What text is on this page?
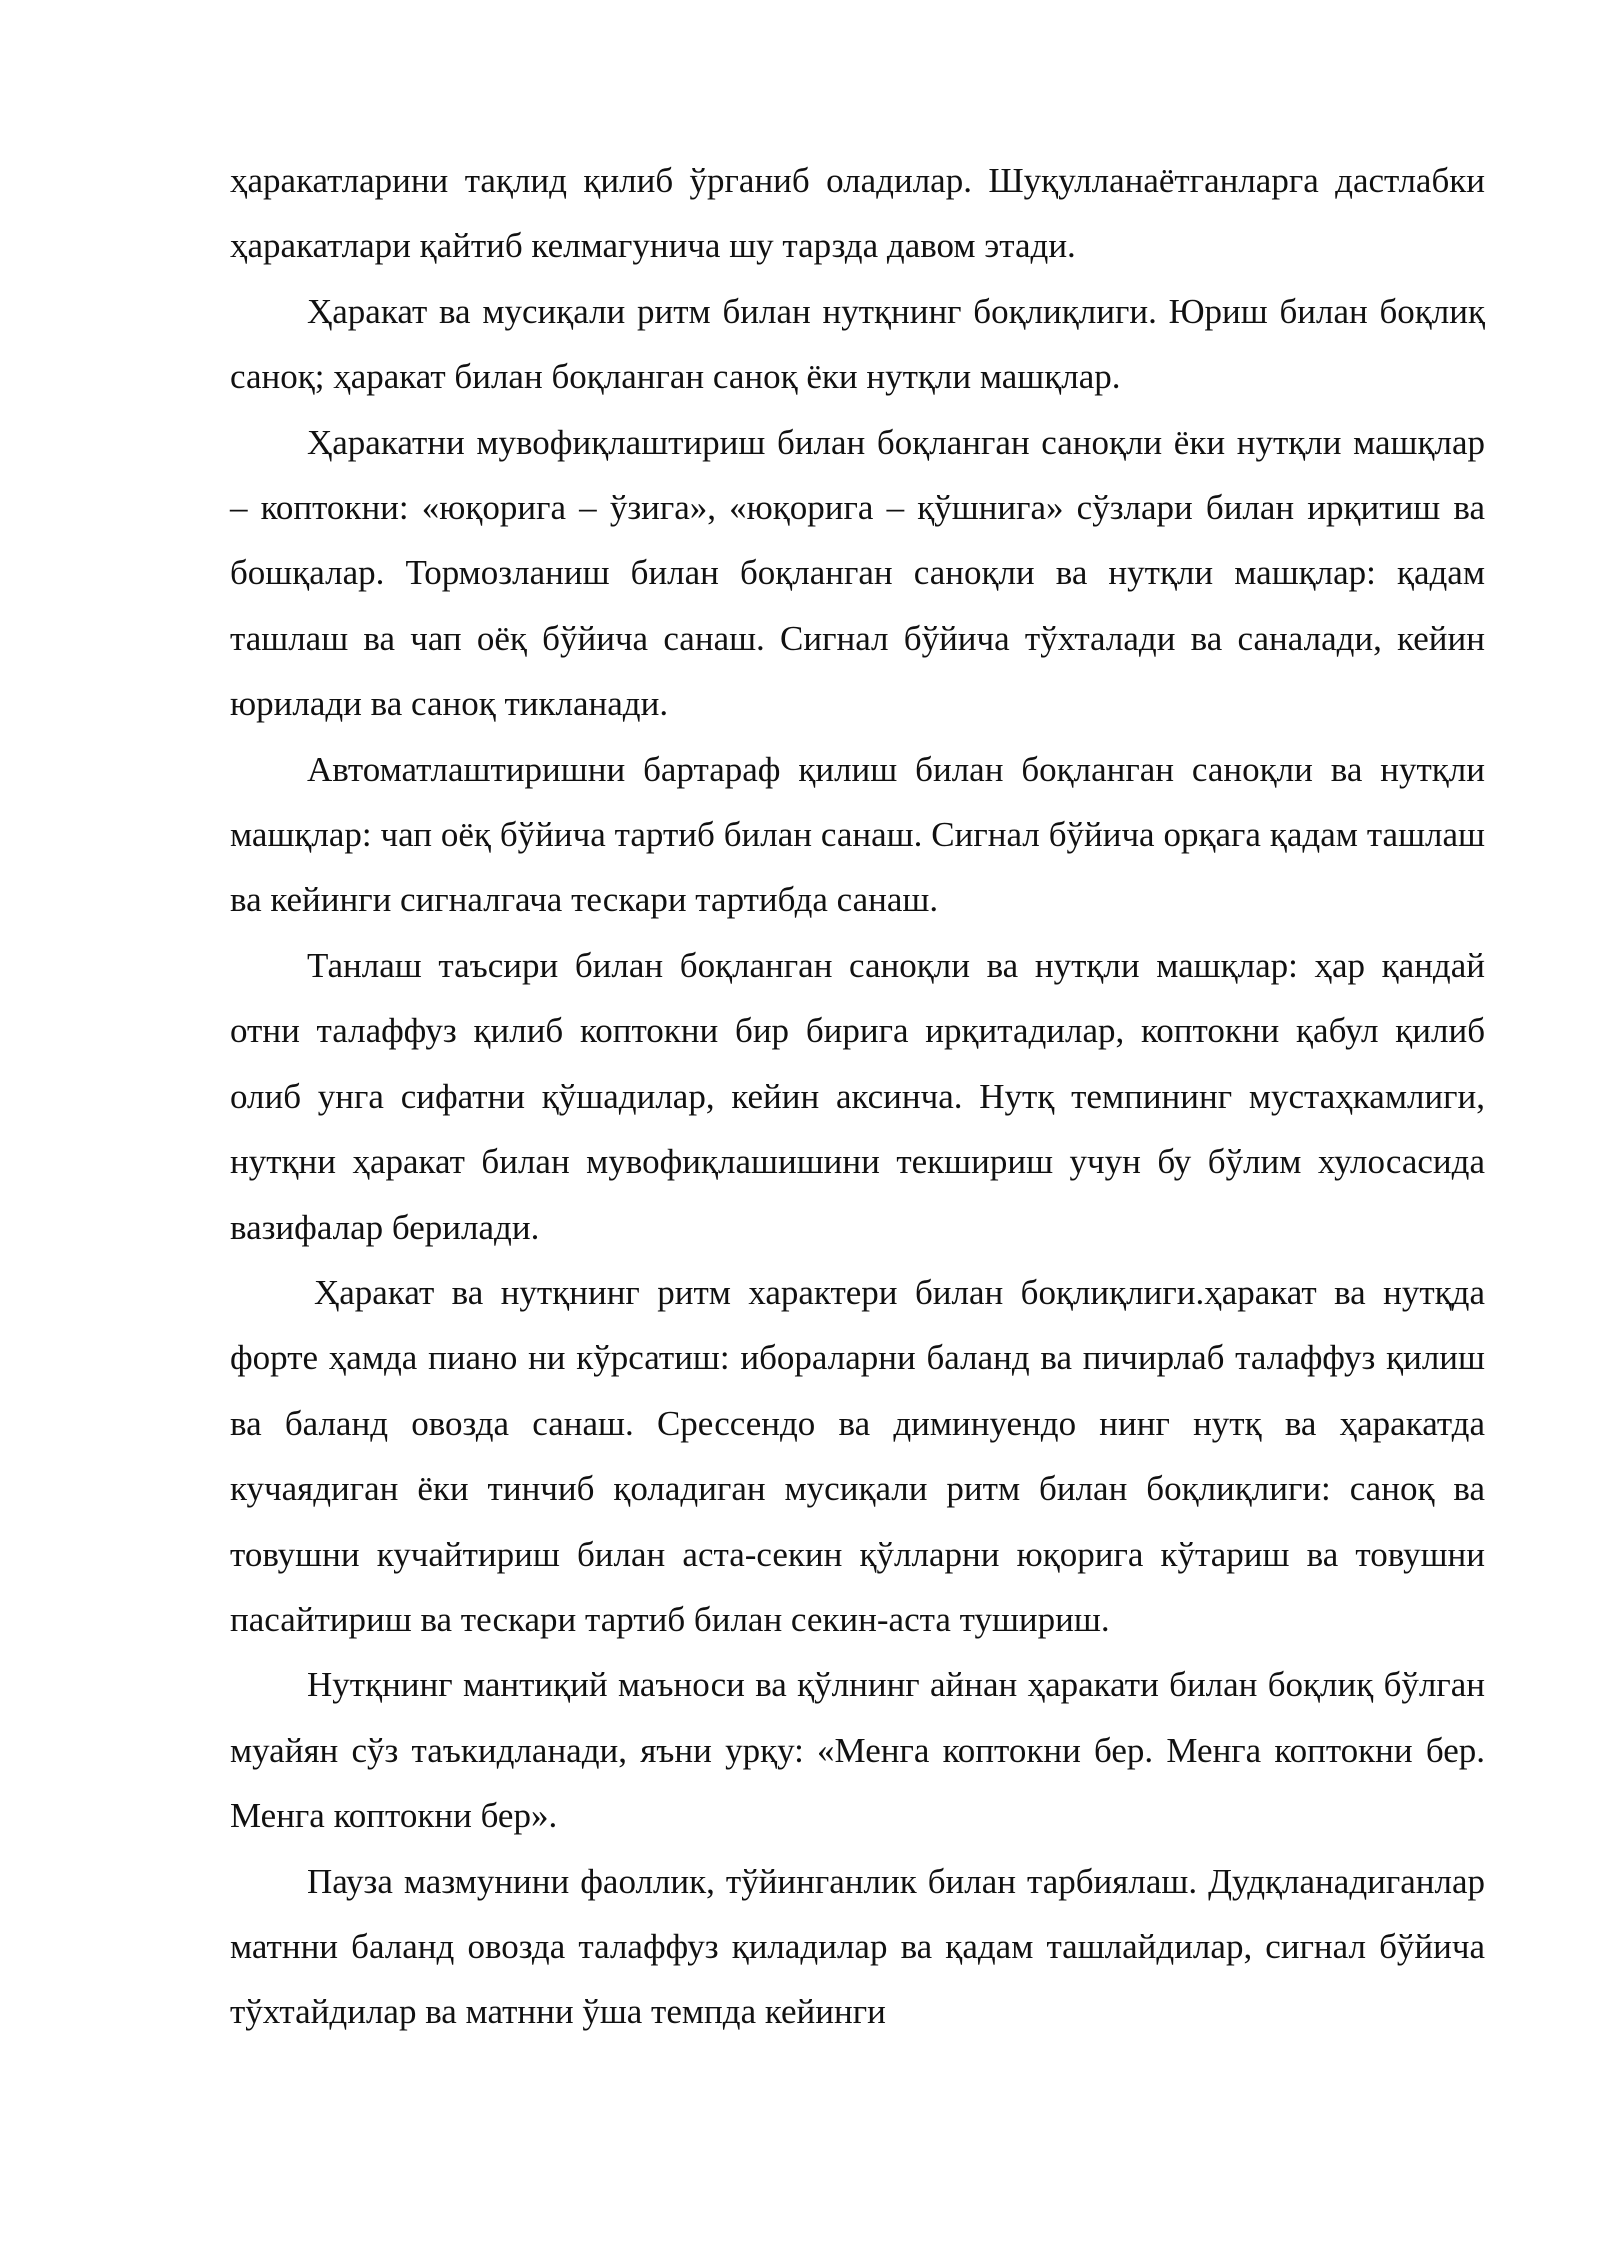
ҳаракатларини тақлид қилиб ўрганиб оладилар. Шуқулланаётганларга дастлабки ҳаракатлари қайтиб келмагунича шу тарзда давом этади.

Ҳаракат ва мусиқали ритм билан нутқнинг боқлиқлиги. Юриш билан боқлиқ саноқ; ҳаракат билан боқланган саноқ ёки нутқли машқлар.

Ҳаракатни мувофиқлаштириш билан боқланган саноқли ёки нутқли машқлар – коптокни: «юқорига – ўзига», «юқорига – қўшнига» сўзлари билан ирқитиш ва бошқалар. Тормозланиш билан боқланган саноқли ва нутқли машқлар: қадам ташлаш ва чап оёқ бўйича санаш. Сигнал бўйича тўхталади ва саналади, кейин юрилади ва саноқ тикланади.

Автоматлаштиришни бартараф қилиш билан боқланган саноқли ва нутқли машқлар: чап оёқ бўйича тартиб билан санаш. Сигнал бўйича орқага қадам ташлаш ва кейинги сигналгача тескари тартибда санаш.

Танлаш таъсири билан боқланган саноқли ва нутқли машқлар: ҳар қандай отни талаффуз қилиб коптокни бир бирига ирқитадилар, коптокни қабул қилиб олиб унга сифатни қўшадилар, кейин аксинча. Нутқ темпининг мустаҳкамлиги, нутқни ҳаракат билан мувофиқлашишини текшириш учун бу бўлим хулосасида вазифалар берилади.

Ҳаракат ва нутқнинг ритм характери билан боқлиқлиги.ҳаракат ва нутқда форте ҳамда пиано ни кўрсатиш: ибораларни баланд ва пичирлаб талаффуз қилиш ва баланд овозда санаш. Срессендо ва диминуендо нинг нутқ ва ҳаракатда кучаядиган ёки тинчиб қоладиган мусиқали ритм билан боқлиқлиги: саноқ ва товушни кучайтириш билан аста-секин қўлларни юқорига кўтариш ва товушни пасайтириш ва тескари тартиб билан секин-аста тушириш.

Нутқнинг мантиқий маъноси ва қўлнинг айнан ҳаракати билан боқлиқ бўлган муайян сўз таъкидланади, яъни урқу: «Менга коптокни бер. Менга коптокни бер. Менга коптокни бер».

Пауза мазмунини фаоллик, тўйинганлик билан тарбиялаш. Дудқланадиганлар матнни баланд овозда талаффуз қиладилар ва қадам ташлайдилар, сигнал бўйича тўхтайдилар ва матнни ўша темпда кейинги
